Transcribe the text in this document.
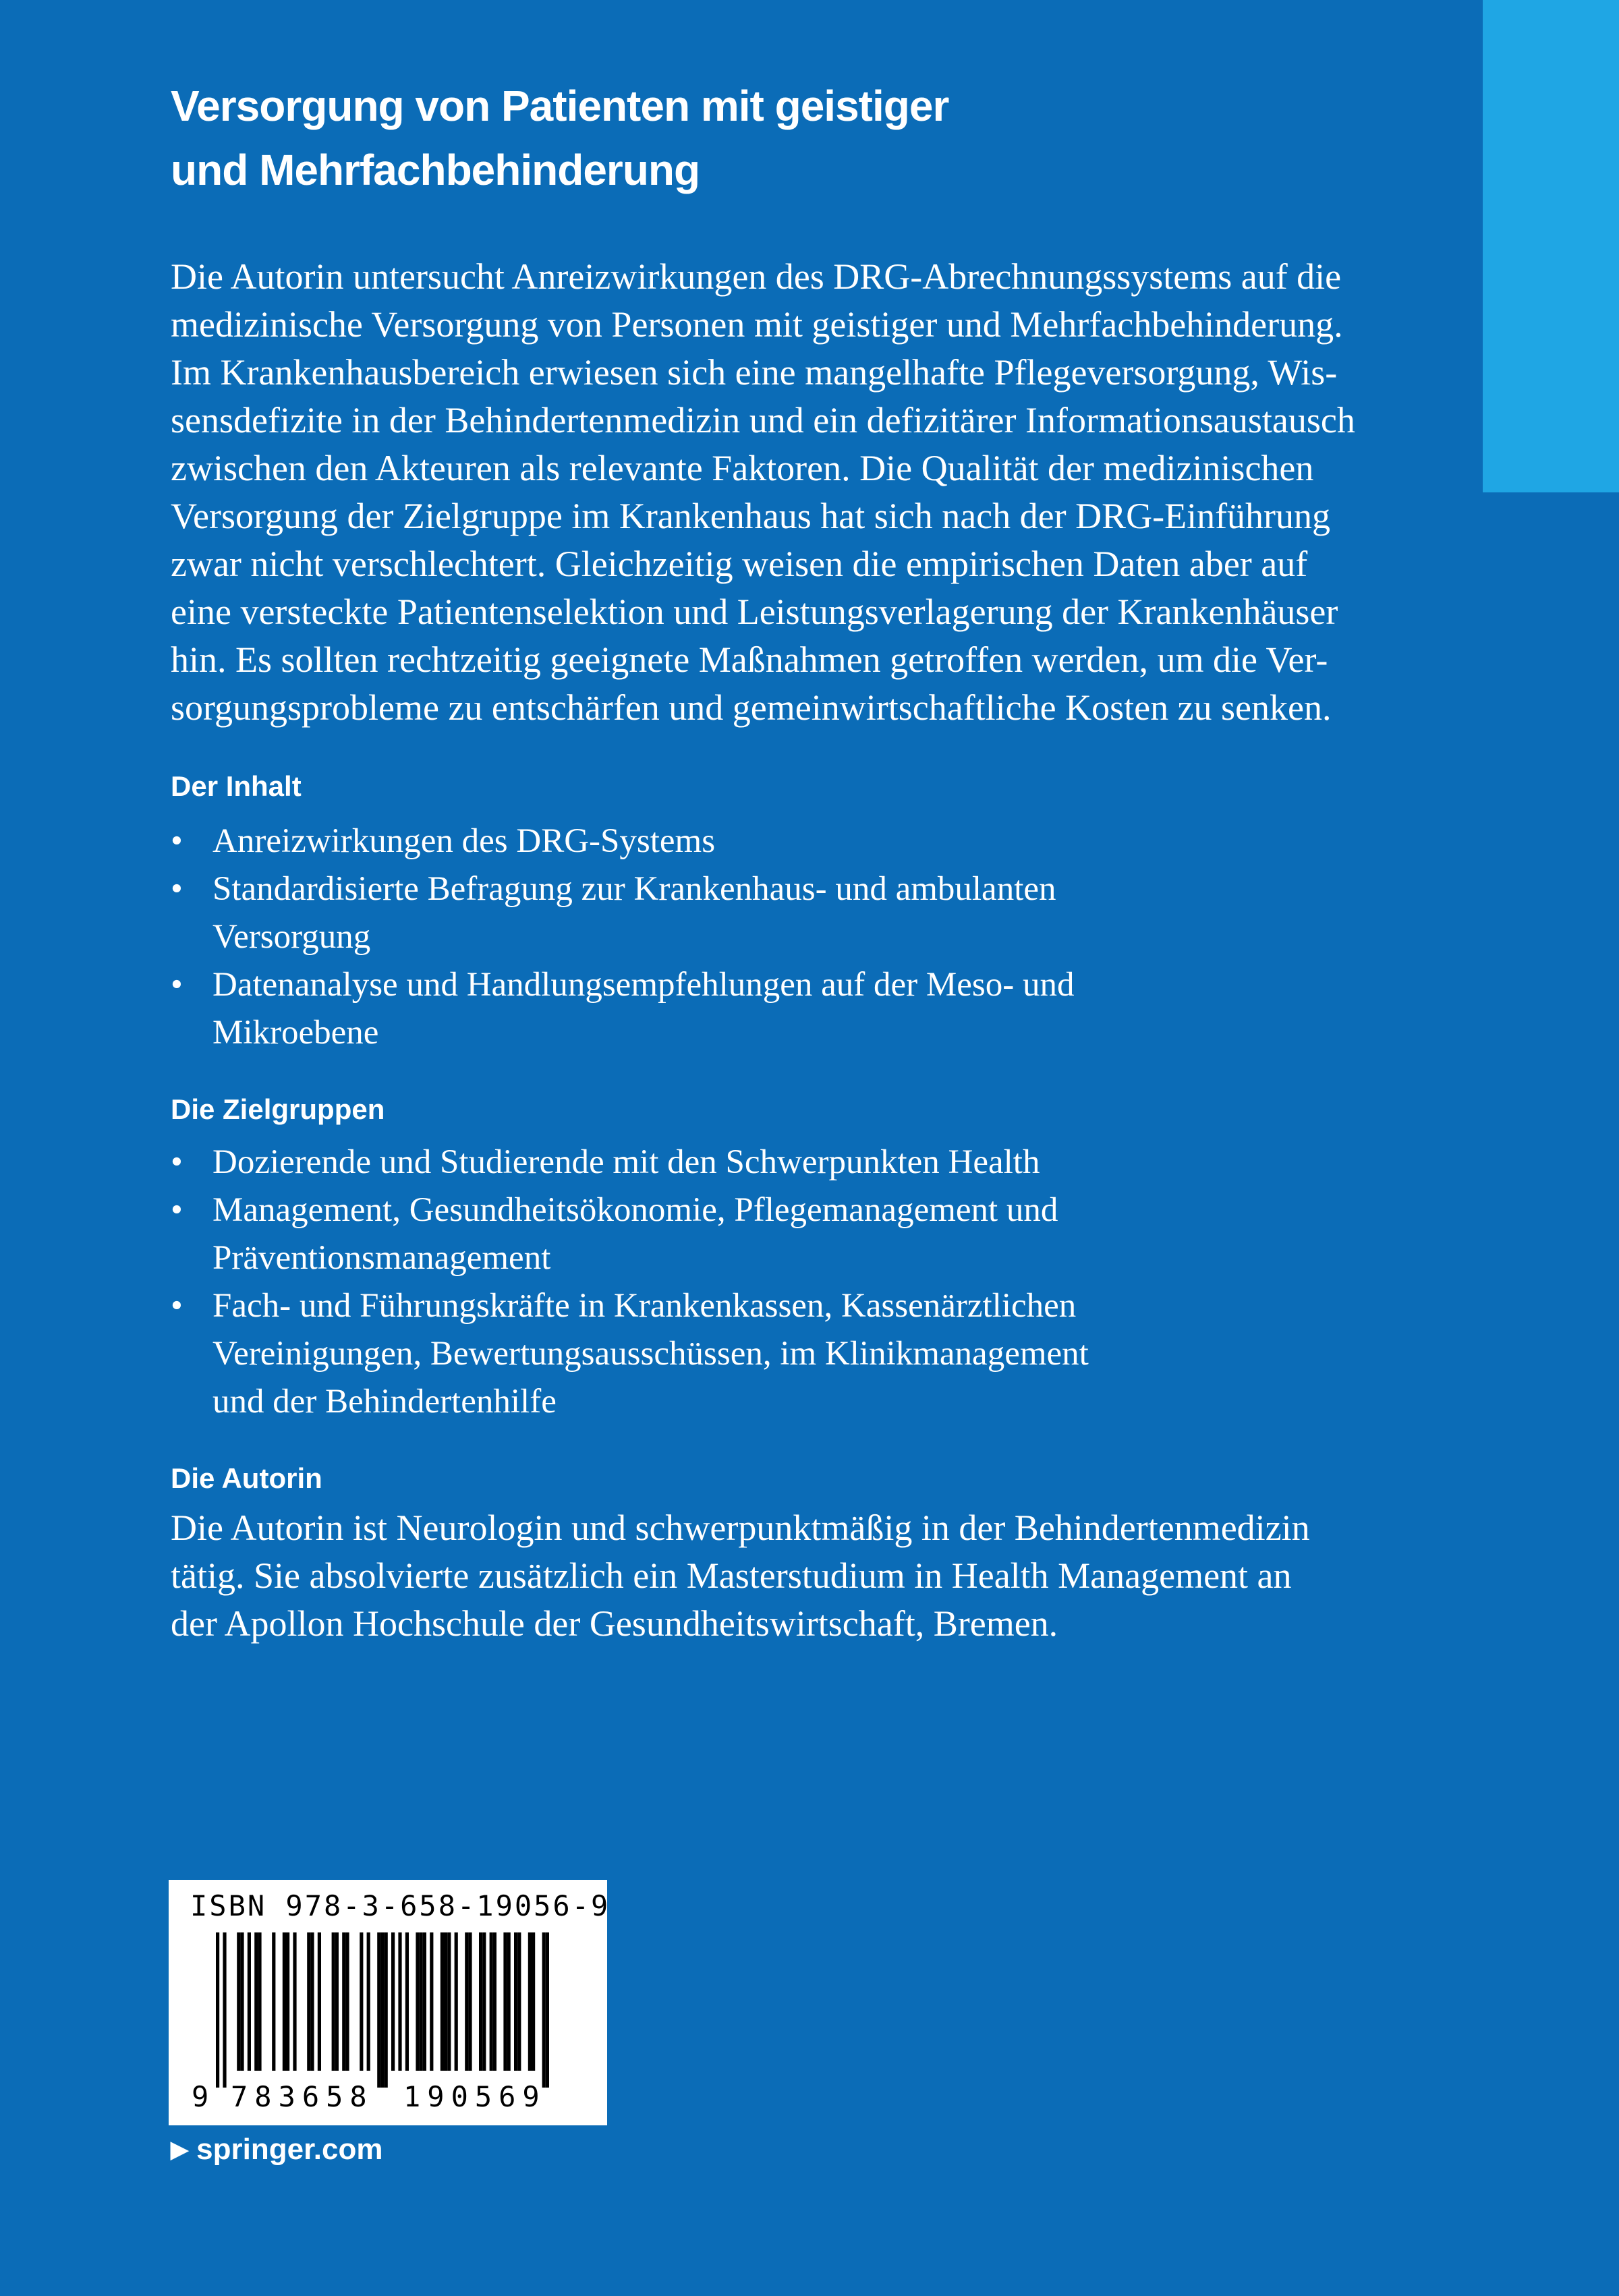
Versorgung von Patienten mit geistiger
und Mehrfachbehinderung
Die Autorin untersucht Anreizwirkungen des DRG-Abrechnungssystems auf die
medizinische Versorgung von Personen mit geistiger und Mehrfachbehinderung.
Im Krankenhausbereich erwiesen sich eine mangelhafte Pflegeversorgung, Wis-
sensdefizite in der Behindertenmedizin und ein defizitärer Informationsaustausch
zwischen den Akteuren als relevante Faktoren. Die Qualität der medizinischen
Versorgung der Zielgruppe im Krankenhaus hat sich nach der DRG-Einführung
zwar nicht verschlechtert. Gleichzeitig weisen die empirischen Daten aber auf
eine versteckte Patientenselektion und Leistungsverlagerung der Krankenhäuser
hin. Es sollten rechtzeitig geeignete Maßnahmen getroffen werden, um die Ver-
sorgungsprobleme zu entschärfen und gemeinwirtschaftliche Kosten zu senken.
Der Inhalt
• Anreizwirkungen des DRG-Systems
• Standardisierte Befragung zur Krankenhaus- und ambulanten
Versorgung
• Datenanalyse und Handlungsempfehlungen auf der Meso- und
Mikroebene
Die Zielgruppen
• Dozierende und Studierende mit den Schwerpunkten Health
• Management, Gesundheitsökonomie, Pflegemanagement und
Präventionsmanagement
• Fach- und Führungskräfte in Krankenkassen, Kassenärztlichen
Vereinigungen, Bewertungsausschüssen, im Klinikmanagement
und der Behindertenhilfe
Die Autorin
Die Autorin ist Neurologin und schwerpunktmäßig in der Behindertenmedizin
tätig. Sie absolvierte zusätzlich ein Masterstudium in Health Management an
der Apollon Hochschule der Gesundheitswirtschaft, Bremen.
ISBN 978-3-658-19056-9
9 783658 190569
▶ springer.com
